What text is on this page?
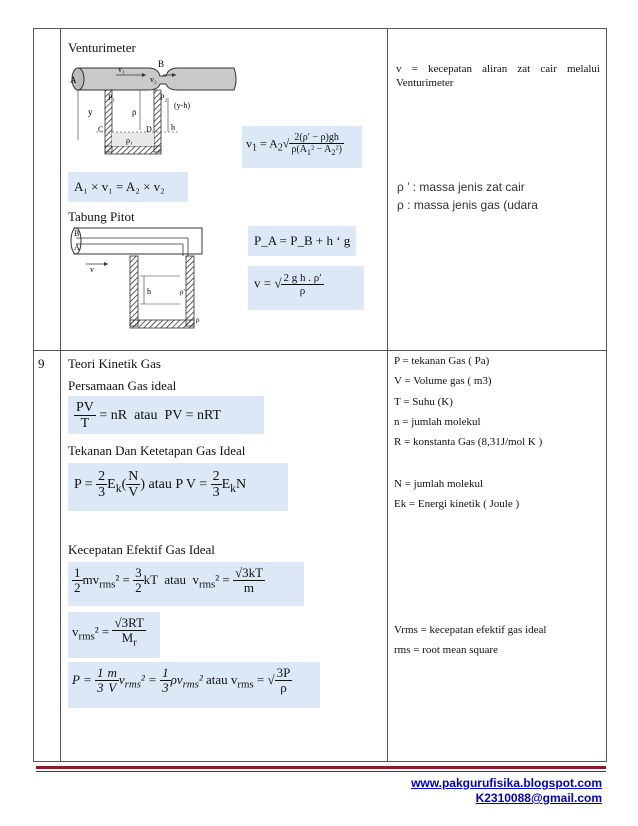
Venturimeter
A
v₁
B
v₂
P₁	P₂
y	ρ
(y-h)
C	D h
ρ₁	$v_1 = A_2√ \frac{2(\rho' - \rho)gh}{\rho(A_1^2 - A_2^2)}$
A₁ × v₁ = A₂ × v₂
Tabung Pitot
B
A
v
h	ρ'
ρ
P_A = P_B + h ‘ g
v = √ $\frac{\text{2 g h . ρ′}}{\rho}$
v = kecepatan aliran zat cair melalui Venturimeter
ρ ’ : massa jenis zat cair
ρ : massa jenis gas (udara
9 Teori Kinetik Gas
Persamaan Gas ideal
$\frac{PV}{T}$ = nR  atau  PV = nRT
Tekanan Dan Ketetapan Gas Ideal
$P = \frac{2}{3} E_k( \frac{N}{V}$ ) atau P $V = \frac{2}{3} E_kN$
Kecepatan Efektif Gas Ideal
$\frac{1}{2} mv_{rms}^2 = \frac{3}{2}$ kT  atau  $v_{rms}^2 = \frac{√3kT}{m}$
$v_{rms}^2 = \frac{√3RT}{M_r}$
$P = \frac{1}{3} \frac{m}{V} v_{rms}^2 = \frac{1}{3} \rho v_{rms}^2$ atau $v_{rms}$ = √ $\frac{3P}{\rho}$
P = tekanan Gas ( Pa)
V = Volume gas ( m3)
T = Suhu (K)
n = jumlah molekul
R = konstanta Gas (8,31J/mol K )
N = jumlah molekul
Ek = Energi kinetik ( Joule )
Vrms = kecepatan efektif gas ideal
rms = root mean square
www.pakgurufisika.blogspot.com
K2310088@gmail.com
